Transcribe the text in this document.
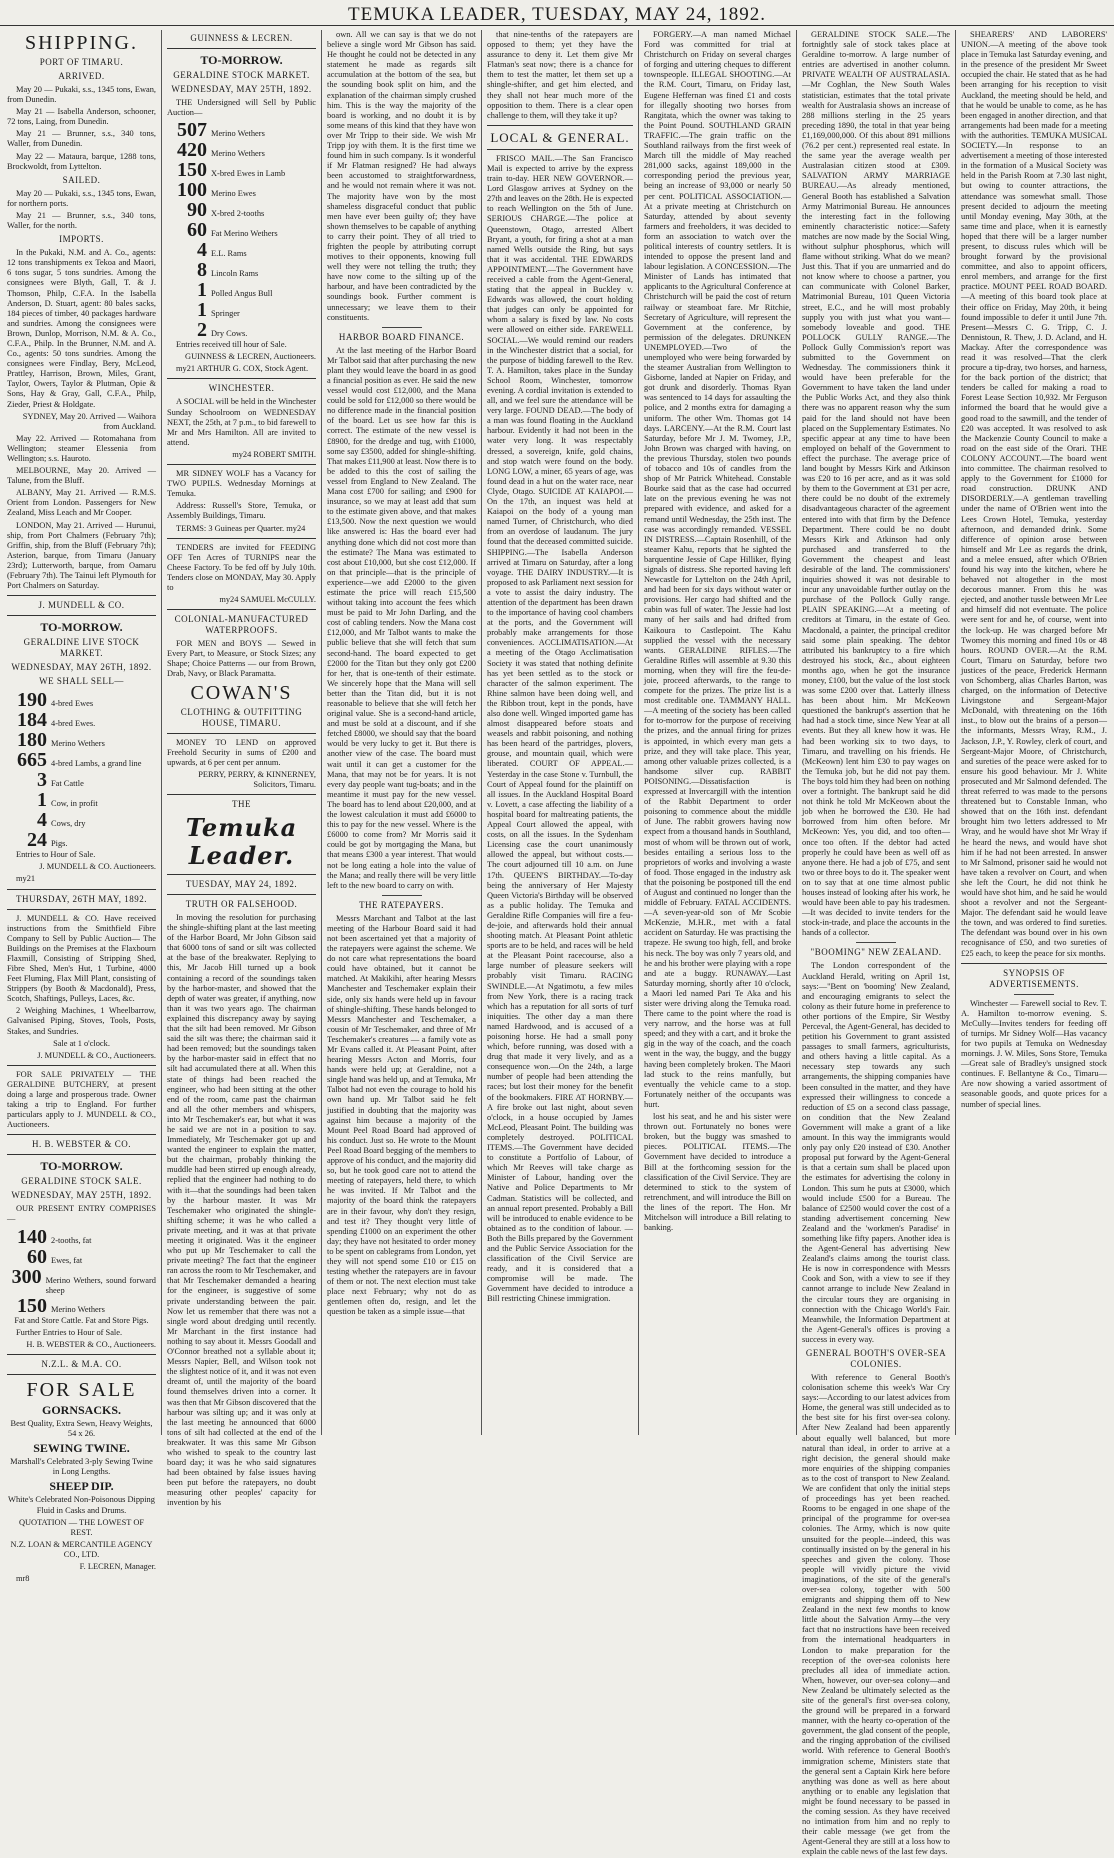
TEMUKA LEADER, TUESDAY, MAY 24, 1892.
SHIPPING.
PORT OF TIMARU.
ARRIVED.

May 20 — Pukaki, s.s., 1345 tons, Ewan, from Dunedin.

May 21 — Isabella Anderson, schooner, 72 tons, Laing, from Dunedin.

May 21 — Brunner, s.s., 340 tons, Waller, from Dunedin.

May 22 — Mataura, barque, 1288 tons, Brockwoldt, from Lyttelton.

SAILED.

May 20 — Pukaki, s.s., 1345 tons, Ewan, for northern ports.

May 21 — Brunner, s.s., 340 tons, Waller, for the north.

IMPORTS.

In the Pukaki, N.M. and A. Co., agents: 12 tons transhipments ex Tekoa and Maori, 6 tons sugar, 5 tons sundries. Among the consignees were Blyth, Gall, T. & J. Thomson, Philp, C.F.A. In the Isabella Anderson, D. Stuart, agent: 80 bales sacks, 184 pieces of timber, 40 packages hardware and sundries. Among the consignees were Brown, Dunlop, Morrison, N.M. & A. Co., C.F.A., Philp. In the Brunner, N.M. and A. Co., agents: 50 tons sundries. Among the consignees were Findlay, Bery, McLeod, Prattley, Harrison, Brown, Miles, Grant, Taylor, Owers, Taylor & Plutman, Opie & Sons, Hay & Gray, Gall, C.F.A., Philp, Zieder, Priest & Holdgate.

SYDNEY, May 20. Arrived — Waihora from Auckland.

May 22. Arrived — Rotomahana from Wellington; steamer Elessenia from Wellington; s.s. Hauroto.

MELBOURNE, May 20. Arrived — Talune, from the Bluff.

ALBANY, May 21. Arrived — R.M.S. Orient from London. Passengers for New Zealand, Miss Leach and Mr Cooper.

LONDON, May 21. Arrived — Hurunui, ship, from Port Chalmers (February 7th); Griffin, ship, from the Bluff (February 7th); Asterion, barque, from Timaru (January 23rd); Lutterworth, barque, from Oamaru (February 7th). The Tainui left Plymouth for Port Chalmers on Saturday.

J. MUNDELL & CO.
TO-MORROW.
GERALDINE LIVE STOCK MARKET.
WEDNESDAY, MAY 26TH, 1892.
WE SHALL SELL—
190 4-bred Ewes
184 4-bred Ewes.
180 Merino Wethers
665 4-bred Lambs, a grand line
3 Fat Cattle
1 Cow, in profit
4 Cows, dry
24 Pigs.

Entries to Hour of Sale.

J. MUNDELL & CO. Auctioneers.

my21

THURSDAY, 26TH MAY, 1892.

J. MUNDELL & CO. Have received instructions from the Smithfield Fibre Company to Sell by Public Auction— The Buildings on the Premises at the Flaxbourn Flaxmill, Consisting of Stripping Shed, Fibre Shed, Men's Hut, 1 Turbine, 4000 Feet Fluming, Flax Mill Plant, consisting of Strippers (by Booth & Macdonald), Press, Scotch, Shaftings, Pulleys, Laces, &c.

2 Weighing Machines, 1 Wheelbarrow, Galvanised Piping, Stoves, Tools, Posts, Stakes, and Sundries.

Sale at 1 o'clock.

J. MUNDELL & CO., Auctioneers.

FOR SALE PRIVATELY — THE GERALDINE BUTCHERY, at present doing a large and prosperous trade. Owner taking a trip to England. For further particulars apply to J. MUNDELL & CO., Auctioneers.

H. B. WEBSTER & CO.
TO-MORROW.
GERALDINE STOCK SALE.
WEDNESDAY, MAY 25TH, 1892.

OUR PRESENT ENTRY COMPRISES—

140 2-tooths, fat
60 Ewes, fat
300 Merino Wethers, sound forward sheep
150 Merino Wethers

Fat and Store Cattle. Fat and Store Pigs.

Further Entries to Hour of Sale.

H. B. WEBSTER & CO., Auctioneers.

N.Z.L. & M.A. CO.
FOR SALE
GORNSACKS.

Best Quality, Extra Sewn, Heavy Weights, 54 x 26.

SEWING TWINE.

Marshall's Celebrated 3-ply Sewing Twine in Long Lengths.

SHEEP DIP.

White's Celebrated Non-Poisonous Dipping Fluid in Casks and Drums.

QUOTATION — THE LOWEST OF REST.

N.Z. LOAN & MERCANTILE AGENCY CO., LTD.

F. LECREN, Manager.

mr8

GUINNESS & LECREN.
TO-MORROW.
GERALDINE STOCK MARKET.
WEDNESDAY, MAY 25TH, 1892.

THE Undersigned will Sell by Public Auction—

507 Merino Wethers
420 Merino Wethers
150 X-bred Ewes in Lamb
100 Merino Ewes
90 X-bred 2-tooths
60 Fat Merino Wethers
4 E.L. Rams
8 Lincoln Rams
1 Polled Angus Bull
1 Springer
2 Dry Cows.

Entries received till hour of Sale.

GUINNESS & LECREN, Auctioneers.

my21 ARTHUR G. COX, Stock Agent.

WINCHESTER.

A SOCIAL will be held in the Winchester Sunday Schoolroom on WEDNESDAY NEXT, the 25th, at 7 p.m., to bid farewell to Mr and Mrs Hamilton. All are invited to attend.

my24 ROBERT SMITH.

MR SIDNEY WOLF has a Vacancy for TWO PUPILS. Wednesday Mornings at Temuka.

Address: Russell's Store, Temuka, or Assembly Buildings, Timaru.

TERMS: 3 Guineas per Quarter. my24

TENDERS are invited for FEEDING OFF Ten Acres of TURNIPS near the Cheese Factory. To be fed off by July 10th. Tenders close on MONDAY, May 30. Apply to

my24 SAMUEL McCULLY.

COLONIAL-MANUFACTURED WATERPROOFS.

FOR MEN and BOYS — Sewed in Every Part, to Measure, or Stock Sizes; any Shape; Choice Patterns — our from Brown, Drab, Navy, or Black Paramatta.

COWAN'S
CLOTHING & OUTFITTING HOUSE, TIMARU.

MONEY TO LEND on approved Freehold Security in sums of £200 and upwards, at 6 per cent per annum.

PERRY, PERRY, & KINNERNEY, Solicitors, Timaru.

THE
Temuka Leader.
TUESDAY, MAY 24, 1892.
TRUTH OR FALSEHOOD.

In moving the resolution for purchasing the shingle-shifting plant at the last meeting of the Harbor Board, Mr John Gibson said that 6000 tons of sand or silt was collected at the base of the breakwater. Replying to this, Mr Jacob Hill turned up a book containing a record of the soundings taken by the harbor-master, and showed that the depth of water was greater, if anything, now than it was two years ago. The chairman explained this discrepancy away by saying that the silt had been removed. Mr Gibson said the silt was there; the chairman said it had been removed; but the soundings taken by the harbor-master said in effect that no silt had accumulated there at all. When this state of things had been reached the engineer, who had been sitting at the other end of the room, came past the chairman and all the other members and whispers, into Mr Teschemaker's ear, but what it was he said we are not in a position to say. Immediately, Mr Teschemaker got up and wanted the engineer to explain the matter, but the chairman, probably thinking the muddle had been stirred up enough already, replied that the engineer had nothing to do with it—that the soundings had been taken by the harbour master. It was Mr Teschemaker who originated the shingle-shifting scheme; it was he who called a private meeting, and it was at that private meeting it originated. Was it the engineer who put up Mr Teschemaker to call the private meeting? The fact that the engineer ran across the room to Mr Teschemaker, and that Mr Teschemaker demanded a hearing for the engineer, is suggestive of some private understanding between the pair. Now let us remember that there was not a single word about dredging until recently. Mr Marchant in the first instance had nothing to say about it. Messrs Goodall and O'Connor breathed not a syllable about it; Messrs Napier, Bell, and Wilson took not the slightest notice of it, and it was not even dreamt of, until the majority of the board found themselves driven into a corner. It was then that Mr Gibson discovered that the harbour was silting up; and it was only at the last meeting he announced that 6000 tons of silt had collected at the end of the breakwater. It was this same Mr Gibson who wished to speak to the country last board day; it was he who said signatures had been obtained by false issues having been put before the ratepayers, no doubt measuring other peoples' capacity for invention by his

own. All we can say is that we do not believe a single word Mr Gibson has said. He thought he could not be detected in any statement he made as regards silt accumulation at the bottom of the sea, but the sounding book split on him, and the explanation of the chairman simply crushed him. This is the way the majority of the board is working, and no doubt it is by some means of this kind that they have won over Mr Tripp to their side. We wish Mr Tripp joy with them. It is the first time we found him in such company. Is it wonderful if Mr Flatman resigned? He had always been accustomed to straightforwardness, and he would not remain where it was not. The majority have won by the most shameless disgraceful conduct that public men have ever been guilty of; they have shown themselves to be capable of anything to carry their point. They of all tried to frighten the people by attributing corrupt motives to their opponents, knowing full well they were not telling the truth; they have now come to the silting up of the harbour, and have been contradicted by the soundings book. Further comment is unnecessary; we leave them to their constituents.

HARBOR BOARD FINANCE.

At the last meeting of the Harbor Board Mr Talbot said that after purchasing the new plant they would leave the board in as good a financial position as ever. He said the new vessel would cost £12,000, and the Mana could be sold for £12,000 so there would be no difference made in the financial position of the board. Let us see how far this is correct. The estimate of the new vessel is £8900, for the dredge and tug, with £1000, some say £3500, added for shingle-shifting. That makes £11,900 at least. Now there is to be added to this the cost of sailing the vessel from England to New Zealand. The Mana cost £700 for sailing; and £900 for insurance, so we may at least add that sum to the estimate given above, and that makes £13,500. Now the next question we would like answered is: Has the board ever had anything done which did not cost more than the estimate? The Mana was estimated to cost about £10,000, but she cost £12,000. If on that principle—that is the principle of experience—we add £2000 to the given estimate the price will reach £15,500 without taking into account the fees which must be paid to Mr John Darling, and the cost of cabling tenders. Now the Mana cost £12,000, and Mr Talbot wants to make the public believe that she will fetch that sum second-hand. The board expected to get £2000 for the Titan but they only got £200 for her, that is one-tenth of their estimate. We sincerely hope that the Mana will sell better than the Titan did, but it is not reasonable to believe that she will fetch her original value. She is a second-hand article, and must be sold at a discount, and if she fetched £8000, we should say that the board would be very lucky to get it. But there is another view of the case. The board must wait until it can get a customer for the Mana, that may not be for years. It is not every day people want tug-boats; and in the meantime it must pay for the new vessel. The board has to lend about £20,000, and at the lowest calculation it must add £6000 to this to pay for the new vessel. Where is the £6000 to come from? Mr Morris said it could be got by mortgaging the Mana, but that means £300 a year interest. That would not be long eating a hole into the value of the Mana; and really there will be very little left to the new board to carry on with.

THE RATEPAYERS.

Messrs Marchant and Talbot at the last meeting of the Harbour Board said it had not been ascertained yet that a majority of the ratepayers were against the scheme. We do not care what representations the board could have obtained, but it cannot be matched. At Makikihi, after hearing Messrs Manchester and Teschemaker explain their side, only six hands were held up in favour of shingle-shifting. These hands belonged to Messrs Manchester and Teschemaker, a cousin of Mr Teschemaker, and three of Mr Teschemaker's creatures — a family vote as Mr Evans called it. At Pleasant Point, after hearing Messrs Acton and Morris, four hands were held up; at Geraldine, not a single hand was held up, and at Temuka, Mr Talbot had not even the courage to hold his own hand up. Mr Talbot said he felt justified in doubting that the majority was against him because a majority of the Mount Peel Road Board had approved of his conduct. Just so. He wrote to the Mount Peel Road Board begging of the members to approve of his conduct, and the majority did so, but he took good care not to attend the meeting of ratepayers, held there, to which he was invited. If Mr Talbot and the majority of the board think the ratepayers are in their favour, why don't they resign, and test it? They thought very little of spending £1000 on an experiment the other day; they have not hesitated to order money to be spent on cablegrams from London, yet they will not spend some £10 or £15 on testing whether the ratepayers are in favour of them or not. The next election must take place next February; why not do as gentlemen often do, resign, and let the question be taken as a simple issue—that

that nine-tenths of the ratepayers are opposed to them; yet they have the assurance to deny it. Let them give Mr Flatman's seat now; there is a chance for them to test the matter, let them set up a shingle-shifter, and get him elected, and they shall not hear much more of the opposition to them. There is a clear open challenge to them, will they take it up?

LOCAL & GENERAL.

FRISCO MAIL.—The San Francisco Mail is expected to arrive by the express train to-day. HER NEW GOVERNOR.—Lord Glasgow arrives at Sydney on the 27th and leaves on the 28th. He is expected to reach Wellington on the 5th of June. SERIOUS CHARGE.—The police at Queenstown, Otago, arrested Albert Bryant, a youth, for firing a shot at a man named Wells outside the Ring, but says that it was accidental. THE EDWARDS APPOINTMENT.—The Government have received a cable from the Agent-General, stating that the appeal in Buckley v. Edwards was allowed, the court holding that judges can only be appointed for whom a salary is fixed by law. No costs were allowed on either side. FAREWELL SOCIAL.—We would remind our readers in the Winchester district that a social, for the purpose of bidding farewell to the Rev. T. A. Hamilton, takes place in the Sunday School Room, Winchester, tomorrow evening. A cordial invitation is extended to all, and we feel sure the attendance will be very large. FOUND DEAD.—The body of a man was found floating in the Auckland harbour. Evidently it had not been in the water very long. It was respectably dressed, a sovereign, knife, gold chains, and stop watch were found on the body. LONG LOW, a miner, 65 years of age, was found dead in a hut on the water race, near Clyde, Otago. SUICIDE AT KAIAPOI.—On the 17th, an inquest was held at Kaiapoi on the body of a young man named Turner, of Christchurch, who died from an overdose of laudanum. The jury found that the deceased committed suicide. SHIPPING.—The Isabella Anderson arrived at Timaru on Saturday, after a long voyage. THE DAIRY INDUSTRY.—It is proposed to ask Parliament next session for a vote to assist the dairy industry. The attention of the department has been drawn to the importance of having cool chambers at the ports, and the Government will probably make arrangements for those conveniences. ACCLIMATISATION.—At a meeting of the Otago Acclimatisation Society it was stated that nothing definite has yet been settled as to the stock or character of the salmon experiment. The Rhine salmon have been doing well, and the Ribbon trout, kept in the ponds, have also done well. Winged imported game has almost disappeared before stoats and weasels and rabbit poisoning, and nothing has been heard of the partridges, plovers, grouse, and mountain quail, which were liberated. COURT OF APPEAL.—Yesterday in the case Stone v. Turnbull, the Court of Appeal found for the plaintiff on all issues. In the Auckland Hospital Board v. Lovett, a case affecting the liability of a hospital board for maltreating patients, the Appeal Court allowed the appeal, with costs, on all the issues. In the Sydenham Licensing case the court unanimously allowed the appeal, but without costs.—The court adjourned till 10 a.m. on June 17th. QUEEN'S BIRTHDAY.—To-day being the anniversary of Her Majesty Queen Victoria's Birthday will be observed as a public holiday. The Temuka and Geraldine Rifle Companies will fire a feu-de-joie, and afterwards hold their annual shooting match. At Pleasant Point athletic sports are to be held, and races will be held at the Pleasant Point racecourse, also a large number of pleasure seekers will probably visit Timaru. RACING SWINDLE.—At Ngatimotu, a few miles from New York, there is a racing track which has a reputation for all sorts of turf iniquities. The other day a man there named Hardwood, and is accused of a poisoning horse. He had a small pony which, before running, was dosed with a drug that made it very lively, and as a consequence won.—On the 24th, a large number of people had been attending the races; but lost their money for the benefit of the bookmakers. FIRE AT HORNBY.—A fire broke out last night, about seven o'clock, in a house occupied by James McLeod, Pleasant Point. The building was completely destroyed. POLITICAL ITEMS.—The Government have decided to constitute a Portfolio of Labour, of which Mr Reeves will take charge as Minister of Labour, handing over the Native and Police Departments to Mr Cadman. Statistics will be collected, and an annual report presented. Probably a Bill will be introduced to enable evidence to be obtained as to the condition of labour. —Both the Bills prepared by the Government and the Public Service Association for the classification of the Civil Service are ready, and it is considered that a compromise will be made. The Government have decided to introduce a Bill restricting Chinese immigration.

FORGERY.—A man named Michael Ford was committed for trial at Christchurch on Friday on several charges of forging and uttering cheques to different townspeople. ILLEGAL SHOOTING.—At the R.M. Court, Timaru, on Friday last, Eugene Heffernan was fined £1 and costs for illegally shooting two horses from Rangitata, which the owner was taking to the Point Pound. SOUTHLAND GRAIN TRAFFIC.—The grain traffic on the Southland railways from the first week of March till the middle of May reached 281,000 sacks, against 189,000 in the corresponding period the previous year, being an increase of 93,000 or nearly 50 per cent. POLITICAL ASSOCIATION.—At a private meeting at Christchurch on Saturday, attended by about seventy farmers and freeholders, it was decided to form an association to watch over the political interests of country settlers. It is intended to oppose the present land and labour legislation. A CONCESSION.—The Minister of Lands has intimated that applicants to the Agricultural Conference at Christchurch will be paid the cost of return railway or steamboat fare. Mr Ritchie, Secretary of Agriculture, will represent the Government at the conference, by permission of the delegates. DRUNKEN UNEMPLOYED.—Two of the unemployed who were being forwarded by the steamer Australian from Wellington to Gisborne, landed at Napier on Friday, and got drunk and disorderly. Thomas Ryan was sentenced to 14 days for assaulting the police, and 2 months extra for damaging a uniform. The other Wm. Thomas got 14 days. LARCENY.—At the R.M. Court last Saturday, before Mr J. M. Twomey, J.P., John Brown was charged with having, on the previous Thursday, stolen two pounds of tobacco and 10s of candles from the shop of Mr Patrick Whitehead. Constable Bourke said that as the case had occurred late on the previous evening he was not prepared with evidence, and asked for a remand until Wednesday, the 25th inst. The case was accordingly remanded. VESSEL IN DISTRESS.—Captain Rosenhill, of the steamer Kahu, reports that he sighted the barquentine Jessie of Cape Hilliker, flying signals of distress. She reported having left Newcastle for Lyttelton on the 24th April, and had been for six days without water or provisions. Her cargo had shifted and the cabin was full of water. The Jessie had lost many of her sails and had drifted from Kaikoura to Castlepoint. The Kahu supplied the vessel with the necessary wants. GERALDINE RIFLES.—The Geraldine Rifles will assemble at 9.30 this morning, when they will fire the feu-de-joie, proceed afterwards, to the range to compete for the prizes. The prize list is a most creditable one. TAMMANY HALL.—A meeting of the society has been called for to-morrow for the purpose of receiving the prizes, and the annual firing for prizes is appointed, in which every man gets a prize, and they will take place. This year, among other valuable prizes collected, is a handsome silver cup. RABBIT POISONING.—Dissatisfaction is expressed at Invercargill with the intention of the Rabbit Department to order poisoning to commence about the middle of June. The rabbit growers having now expect from a thousand hands in Southland, most of whom will be thrown out of work, besides entailing a serious loss to the proprietors of works and involving a waste of food. Those engaged in the industry ask that the poisoning be postponed till the end of August and continued no longer than the middle of February. FATAL ACCIDENTS.—A seven-year-old son of Mr Scobie McKenzie, M.H.R., met with a fatal accident on Saturday. He was practising the trapeze. He swung too high, fell, and broke his neck. The boy was only 7 years old, and he and his brother were playing with a rope and ate a buggy. RUNAWAY.—Last Saturday morning, shortly after 10 o'clock, a Maori led named Pari Te Aka and his sister were driving along the Temuka road. There came to the point where the road is very narrow, and the horse was at full speed; and they with a cart, and it broke the gig in the way of the coach, and the coach went in the way, the buggy, and the buggy having been completely broken. The Maori lad stuck to the reins manfully, but eventually the vehicle came to a stop. Fortunately neither of the occupants was hurt.

lost his seat, and he and his sister were thrown out. Fortunately no bones were broken, but the buggy was smashed to pieces. POLITICAL ITEMS.—The Government have decided to introduce a Bill at the forthcoming session for the classification of the Civil Service. They are determined to stick to the system of retrenchment, and will introduce the Bill on the lines of the report. The Hon. Mr Mitchelson will introduce a Bill relating to banking.

GERALDINE STOCK SALE.—The fortnightly sale of stock takes place at Geraldine to-morrow. A large number of entries are advertised in another column. PRIVATE WEALTH OF AUSTRALASIA.—Mr Coghlan, the New South Wales statistician, estimates that the total private wealth for Australasia shows an increase of 288 millions sterling in the 25 years preceding 1890, the total in that year being £1,169,000,000. Of this about 891 millions (76.2 per cent.) represented real estate. In the same year the average wealth per Australasian citizen stood at £309. SALVATION ARMY MARRIAGE BUREAU.—As already mentioned, General Booth has established a Salvation Army Matrimonial Bureau. He announces the interesting fact in the following eminently characteristic notice:—Safety matches are now made by the Social Wing, without sulphur phosphorus, which will flame without striking. What do we mean? Just this. That if you are unmarried and do not know where to choose a partner, you can communicate with Colonel Barker, Matrimonial Bureau, 101 Queen Victoria street, E.C., and he will most probably supply you with just what you want—somebody loveable and good. THE POLLOCK GULLY RANGE.—The Pollock Gully Commission's report was submitted to the Government on Wednesday. The commissioners think it would have been preferable for the Government to have taken the land under the Public Works Act, and they also think there was no apparent reason why the sum paid for the land should not have been placed on the Supplementary Estimates. No specific appear at any time to have been employed on behalf of the Government to effect the purchase. The average price of land bought by Messrs Kirk and Atkinson was £20 to 16 per acre, and as it was sold by them to the Government at £31 per acre, there could be no doubt of the extremely disadvantageous character of the agreement entered into with that firm by the Defence Department. There could be no doubt Messrs Kirk and Atkinson had only purchased and transferred to the Government the cheapest and least desirable of the land. The commissioners' inquiries showed it was not desirable to incur any unavoidable further outlay on the purchase of the Pollock Gully range. PLAIN SPEAKING.—At a meeting of creditors at Timaru, in the estate of Geo. Macdonald, a painter, the principal creditor said some plain speaking. The debtor attributed his bankruptcy to a fire which destroyed his stock, &c., about eighteen months ago, when he got the insurance money, £100, but the value of the lost stock was some £200 over that. Latterly illness has been about him. Mr McKeown questioned the bankrupt's assertion that he had had a stock time, since New Year at all events. But they all knew how it was. He had been working six to two days, to Timaru, and travelling on his friends. He (McKeown) lent him £30 to pay wages on the Temuka job, but he did not pay them. The boys told him they had been on nothing over a fortnight. The bankrupt said he did not think he told Mr McKeown about the job when he borrowed the £30. He had borrowed from him often before. Mr McKeown: Yes, you did, and too often—once too often. If the debtor had acted properly he could have been as well off as anyone there. He had a job of £75, and sent two or three boys to do it. The speaker went on to say that at one time almost public houses instead of looking after his work, he would have been able to pay his tradesmen.—It was decided to invite tenders for the stock-in-trade, and place the accounts in the hands of a collector.

"BOOMING" NEW ZEALAND.

The London correspondent of the Auckland Herald, writing on April 1st, says:—"Bent on 'booming' New Zealand, and encouraging emigrants to select the colony as their future home in preference to other portions of the Empire, Sir Westby Perceval, the Agent-General, has decided to petition his Government to grant assisted passages to small farmers, agriculturists, and others having a little capital. As a necessary step towards any such arrangements, the shipping companies have been consulted in the matter, and they have expressed their willingness to concede a reduction of £5 on a second class passage, on condition that the New Zealand Government will make a grant of a like amount. In this way the immigrants would only pay only £20 instead of £30. Another proposal put forward by the Agent-General is that a certain sum shall be placed upon the estimates for advertising the colony in London. This sum he puts at £3000, which would include £500 for a Bureau. The balance of £2500 would cover the cost of a standing advertisement concerning New Zealand and the 'workmen's Paradise' in something like fifty papers. Another idea is the Agent-General has advertising New Zealand's claims among the tourist class. He is now in correspondence with Messrs Cook and Son, with a view to see if they cannot arrange to include New Zealand in the circular tours they are organising in connection with the Chicago World's Fair. Meanwhile, the Information Department at the Agent-General's offices is proving a success in every way.

GENERAL BOOTH'S OVER-SEA COLONIES.

With reference to General Booth's colonisation scheme this week's War Cry says:—According to our latest advices from Home, the general was still undecided as to the best site for his first over-sea colony. After New Zealand had been apparently about equally well balanced, but more natural than ideal, in order to arrive at a right decision, the general should make more enquiries of the shipping companies as to the cost of transport to New Zealand. We are confident that only the initial steps of proceedings has yet been reached. Rooms to be engaged in one shape of the principal of the programme for over-sea colonies. The Army, which is now quite unsuited for the people—indeed, this was continually insisted on by the general in his speeches and given the colony. Those people will vividly picture the vivid imaginations, of the site of the general's over-sea colony, together with 500 emigrants and shipping them off to New Zealand in the next few months to know little about the Salvation Army—the very fact that no instructions have been received from the international headquarters in London to make preparation for the reception of the over-sea colonists here precludes all idea of immediate action. When, however, our over-sea colony—and New Zealand be ultimately selected as the site of the general's first over-sea colony, the ground will be prepared in a forward manner, with the hearty co-operation of the government, the glad consent of the people, and the ringing approbation of the civilised world. With reference to General Booth's immigration scheme, Ministers state that the general sent a Captain Kirk here before anything was done as well as here about anything or to enable any legislation that might be found necessary to be passed in the coming session. As they have received no intimation from him and no reply to their cable message (we get from the Agent-General they are still at a loss how to explain the cable news of the last few days.

SHEARERS' AND LABORERS' UNION.—A meeting of the above took place in Temuka last Saturday evening, and in the presence of the president Mr Sweet occupied the chair. He stated that as he had been arranging for his reception to visit Auckland, the meeting should be held, and that he would be unable to come, as he has been engaged in another direction, and that arrangements had been made for a meeting with the authorities. TEMUKA MUSICAL SOCIETY.—In response to an advertisement a meeting of those interested in the formation of a Musical Society was held in the Parish Room at 7.30 last night, but owing to counter attractions, the attendance was somewhat small. Those present decided to adjourn the meeting until Monday evening, May 30th, at the same time and place, when it is earnestly hoped that there will be a larger number present, to discuss rules which will be brought forward by the provisional committee, and also to appoint officers, enrol members, and arrange for the first practice. MOUNT PEEL ROAD BOARD.—A meeting of this board took place at their office on Friday, May 20th, it being found impossible to defer it until June 7th. Present—Messrs C. G. Tripp, C. J. Dennistoun, R. Thew, J. D. Acland, and H. Mackay. After the correspondence was read it was resolved—That the clerk procure a tip-dray, two horses, and harness, for the back portion of the district; that tenders be called for making a road to Forest Lease Section 10,932. Mr Ferguson informed the board that he would give a good road to the sawmill, and the tender of £20 was accepted. It was resolved to ask the Mackenzie County Council to make a road on the east side of the Orari. THE COLONY ACCOUNT.—The board went into committee. The chairman resolved to apply to the Government for £1000 for road construction. DRUNK AND DISORDERLY.—A gentleman travelling under the name of O'Brien went into the Lees Crown Hotel, Temuka, yesterday afternoon, and demanded drink. Some difference of opinion arose between himself and Mr Lee as regards the drink, and a melee ensued, after which O'Brien found his way into the kitchen, where he behaved not altogether in the most decorous manner. From this he was ejected, and another tussle between Mr Lee and himself did not eventuate. The police were sent for and he, of course, went into the lock-up. He was charged before Mr Twomey this morning and fined 10s or 48 hours. ROUND OVER.—At the R.M. Court, Timaru on Saturday, before two justices of the peace, Frederick Hermann von Schomberg, alias Charles Barton, was charged, on the information of Detective Livingstone and Sergeant-Major McDonald, with threatening on the 16th inst., to blow out the brains of a person—the informants, Messrs Wray, R.M., J. Jackson, J.P., Y. Rowley, clerk of court, and Sergeant-Major Moore, of Christchurch, and sureties of the peace were asked for to ensure his good behaviour. Mr J. White prosecuted and Mr Salmond defended. The threat referred to was made to the persons threatened but to Constable Inman, who showed that on the 16th inst. defendant brought him two letters addressed to Mr Wray, and he would have shot Mr Wray if he heard the news, and would have shot him if he had not been arrested. In answer to Mr Salmond, prisoner said he would not have taken a revolver on Court, and when she left the Court, he did not think he would have shot him, and he said he would shoot a revolver and not the Sergeant-Major. The defendant said he would leave the town, and was ordered to find sureties. The defendant was bound over in his own recognisance of £50, and two sureties of £25 each, to keep the peace for six months.

SYNOPSIS OF ADVERTISEMENTS.

Winchester — Farewell social to Rev. T. A. Hamilton to-morrow evening. S. McCully—Invites tenders for feeding off of turnips. Mr Sidney Wolf—Has vacancy for two pupils at Temuka on Wednesday mornings. J. W. Miles, Sons Store, Temuka—Great sale of Bradley's unsigned stock continues. F. Bellantyne & Co., Timaru—Are now showing a varied assortment of seasonable goods, and quote prices for a number of special lines.
